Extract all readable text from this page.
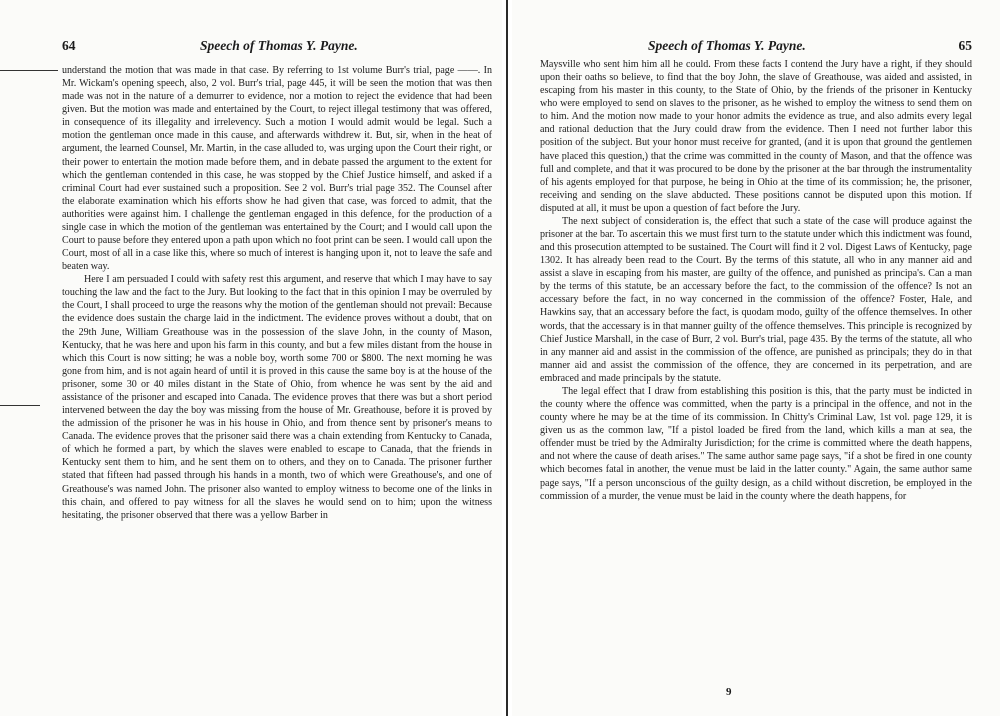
64	Speech of Thomas Y. Payne.

understand the motion that was made in that case. By referring to 1st volume Burr's trial, page ——. In Mr. Wickam's opening speech, also, 2 vol. Burr's trial, page 445, it will be seen the motion that was then made was not in the nature of a demurrer to evidence, nor a motion to reject the evidence that had been given. But the motion was made and entertained by the Court, to reject illegal testimony that was offered, in consequence of its illegality and irrelevency. Such a motion I would admit would be legal. Such a motion the gentleman once made in this cause, and afterwards withdrew it. But, sir, when in the heat of argument, the learned Counsel, Mr. Martin, in the case alluded to, was urging upon the Court their right, or their power to entertain the motion made before them, and in debate passed the argument to the extent for which the gentleman contended in this case, he was stopped by the Chief Justice himself, and asked if a criminal Court had ever sustained such a proposition. See 2 vol. Burr's trial page 352. The Counsel after the elaborate examination which his efforts show he had given that case, was forced to admit, that the authorities were against him. I challenge the gentleman engaged in this defence, for the production of a single case in which the motion of the gentleman was entertained by the Court; and I would call upon the Court to pause before they entered upon a path upon which no foot print can be seen. I would call upon the Court, most of all in a case like this, where so much of interest is hanging upon it, not to leave the safe and beaten way.

Here I am persuaded I could with safety rest this argument, and reserve that which I may have to say touching the law and the fact to the Jury. But looking to the fact that in this opinion I may be overruled by the Court, I shall proceed to urge the reasons why the motion of the gentleman should not prevail: Because the evidence does sustain the charge laid in the indictment. The evidence proves without a doubt, that on the 29th June, William Greathouse was in the possession of the slave John, in the county of Mason, Kentucky, that he was here and upon his farm in this county, and but a few miles distant from the house in which this Court is now sitting; he was a noble boy, worth some 700 or $800. The next morning he was gone from him, and is not again heard of until it is proved in this cause the same boy is at the house of the prisoner, some 30 or 40 miles distant in the State of Ohio, from whence he was sent by the aid and assistance of the prisoner and escaped into Canada. The evidence proves that there was but a short period intervened between the day the boy was missing from the house of Mr. Greathouse, before it is proved by the admission of the prisoner he was in his house in Ohio, and from thence sent by prisoner's means to Canada. The evidence proves that the prisoner said there was a chain extending from Kentucky to Canada, of which he formed a part, by which the slaves were enabled to escape to Canada, that the friends in Kentucky sent them to him, and he sent them on to others, and they on to Canada. The prisoner further stated that fifteen had passed through his hands in a month, two of which were Greathouse's, and one of Greathouse's was named John. The prisoner also wanted to employ witness to become one of the links in this chain, and offered to pay witness for all the slaves he would send on to him; upon the witness hesitating, the prisoner observed that there was a yellow Barber in

Speech of Thomas Y. Payne.	65

Maysville who sent him him all he could. From these facts I contend the Jury have a right, if they should upon their oaths so believe, to find that the boy John, the slave of Greathouse, was aided and assisted, in escaping from his master in this county, to the State of Ohio, by the friends of the prisoner in Kentucky who were employed to send on slaves to the prisoner, as he wished to employ the witness to send them on to him. And the motion now made to your honor admits the evidence as true, and also admits every legal and rational deduction that the Jury could draw from the evidence. Then I need not further labor this position of the subject. But your honor must receive for granted, (and it is upon that ground the gentlemen have placed this question,) that the crime was committed in the county of Mason, and that the offence was full and complete, and that it was procured to be done by the prisoner at the bar through the instrumentality of his agents employed for that purpose, he being in Ohio at the time of its commission; he, the prisoner, receiving and sending on the slave abducted. These positions cannot be disputed upon this motion. If disputed at all, it must be upon a question of fact before the Jury.

The next subject of consideration is, the effect that such a state of the case will produce against the prisoner at the bar. To ascertain this we must first turn to the statute under which this indictment was found, and this prosecution attempted to be sustained. The Court will find it 2 vol. Digest Laws of Kentucky, page 1302. It has already been read to the Court. By the terms of this statute, all who in any manner aid and assist a slave in escaping from his master, are guilty of the offence, and punished as principa's. Can a man by the terms of this statute, be an accessary before the fact, to the commission of the offence? Is not an accessary before the fact, in no way concerned in the commission of the offence? Foster, Hale, and Hawkins say, that an accessary before the fact, is quodam modo, guilty of the offence themselves. In other words, that the accessary is in that manner guilty of the offence themselves. This principle is recognized by Chief Justice Marshall, in the case of Burr, 2 vol. Burr's trial, page 435. By the terms of the statute, all who in any manner aid and assist in the commission of the offence, are punished as principals; they do in that manner aid and assist the commission of the offence, they are concerned in its perpetration, and are embraced and made principals by the statute.

The legal effect that I draw from establishing this position is this, that the party must be indicted in the county where the offence was committed, when the party is a principal in the offence, and not in the county where he may be at the time of its commission. In Chitty's Criminal Law, 1st vol. page 129, it is given us as the common law, "If a pistol loaded be fired from the land, which kills a man at sea, the offender must be tried by the Admiralty Jurisdiction; for the crime is committed where the death happens, and not where the cause of death arises." The same author same page says, "if a shot be fired in one county which becomes fatal in another, the venue must be laid in the latter county." Again, the same author same page says, "If a person unconscious of the guilty design, as a child without discretion, be employed in the commission of a murder, the venue must be laid in the county where the death happens, for

9
